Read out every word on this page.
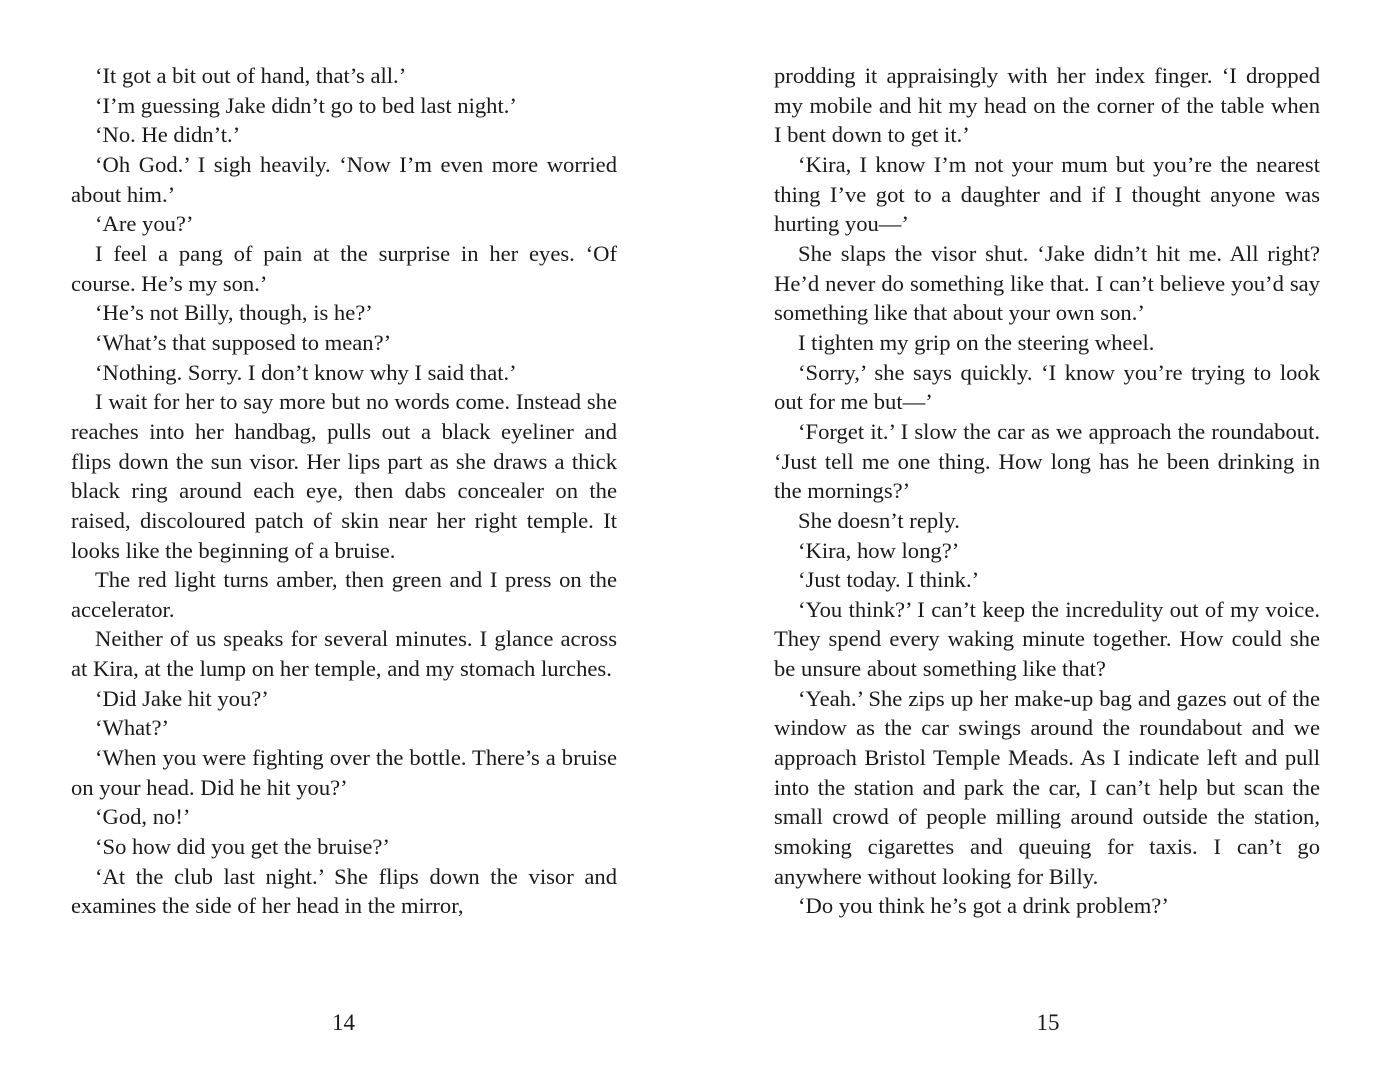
‘It got a bit out of hand, that’s all.’

‘I’m guessing Jake didn’t go to bed last night.’

‘No. He didn’t.’

‘Oh God.’ I sigh heavily. ‘Now I’m even more worried about him.’

‘Are you?’

I feel a pang of pain at the surprise in her eyes. ‘Of course. He’s my son.’

‘He’s not Billy, though, is he?’

‘What’s that supposed to mean?’

‘Nothing. Sorry. I don’t know why I said that.’

I wait for her to say more but no words come. Instead she reaches into her handbag, pulls out a black eyeliner and flips down the sun visor. Her lips part as she draws a thick black ring around each eye, then dabs concealer on the raised, discoloured patch of skin near her right temple. It looks like the beginning of a bruise.

The red light turns amber, then green and I press on the accelerator.

Neither of us speaks for several minutes. I glance across at Kira, at the lump on her temple, and my stomach lurches.

‘Did Jake hit you?’

‘What?’

‘When you were fighting over the bottle. There’s a bruise on your head. Did he hit you?’

‘God, no!’

‘So how did you get the bruise?’

‘At the club last night.’ She flips down the visor and examines the side of her head in the mirror,

14

prodding it appraisingly with her index finger. ‘I dropped my mobile and hit my head on the corner of the table when I bent down to get it.’

‘Kira, I know I’m not your mum but you’re the nearest thing I’ve got to a daughter and if I thought anyone was hurting you—’

She slaps the visor shut. ‘Jake didn’t hit me. All right? He’d never do something like that. I can’t believe you’d say something like that about your own son.’

I tighten my grip on the steering wheel.

‘Sorry,’ she says quickly. ‘I know you’re trying to look out for me but—’

‘Forget it.’ I slow the car as we approach the roundabout. ‘Just tell me one thing. How long has he been drinking in the mornings?’

She doesn’t reply.

‘Kira, how long?’

‘Just today. I think.’

‘You think?’ I can’t keep the incredulity out of my voice. They spend every waking minute together. How could she be unsure about something like that?

‘Yeah.’ She zips up her make-up bag and gazes out of the window as the car swings around the roundabout and we approach Bristol Temple Meads. As I indicate left and pull into the station and park the car, I can’t help but scan the small crowd of people milling around outside the station, smoking cigarettes and queuing for taxis. I can’t go anywhere without looking for Billy.

‘Do you think he’s got a drink problem?’

15
